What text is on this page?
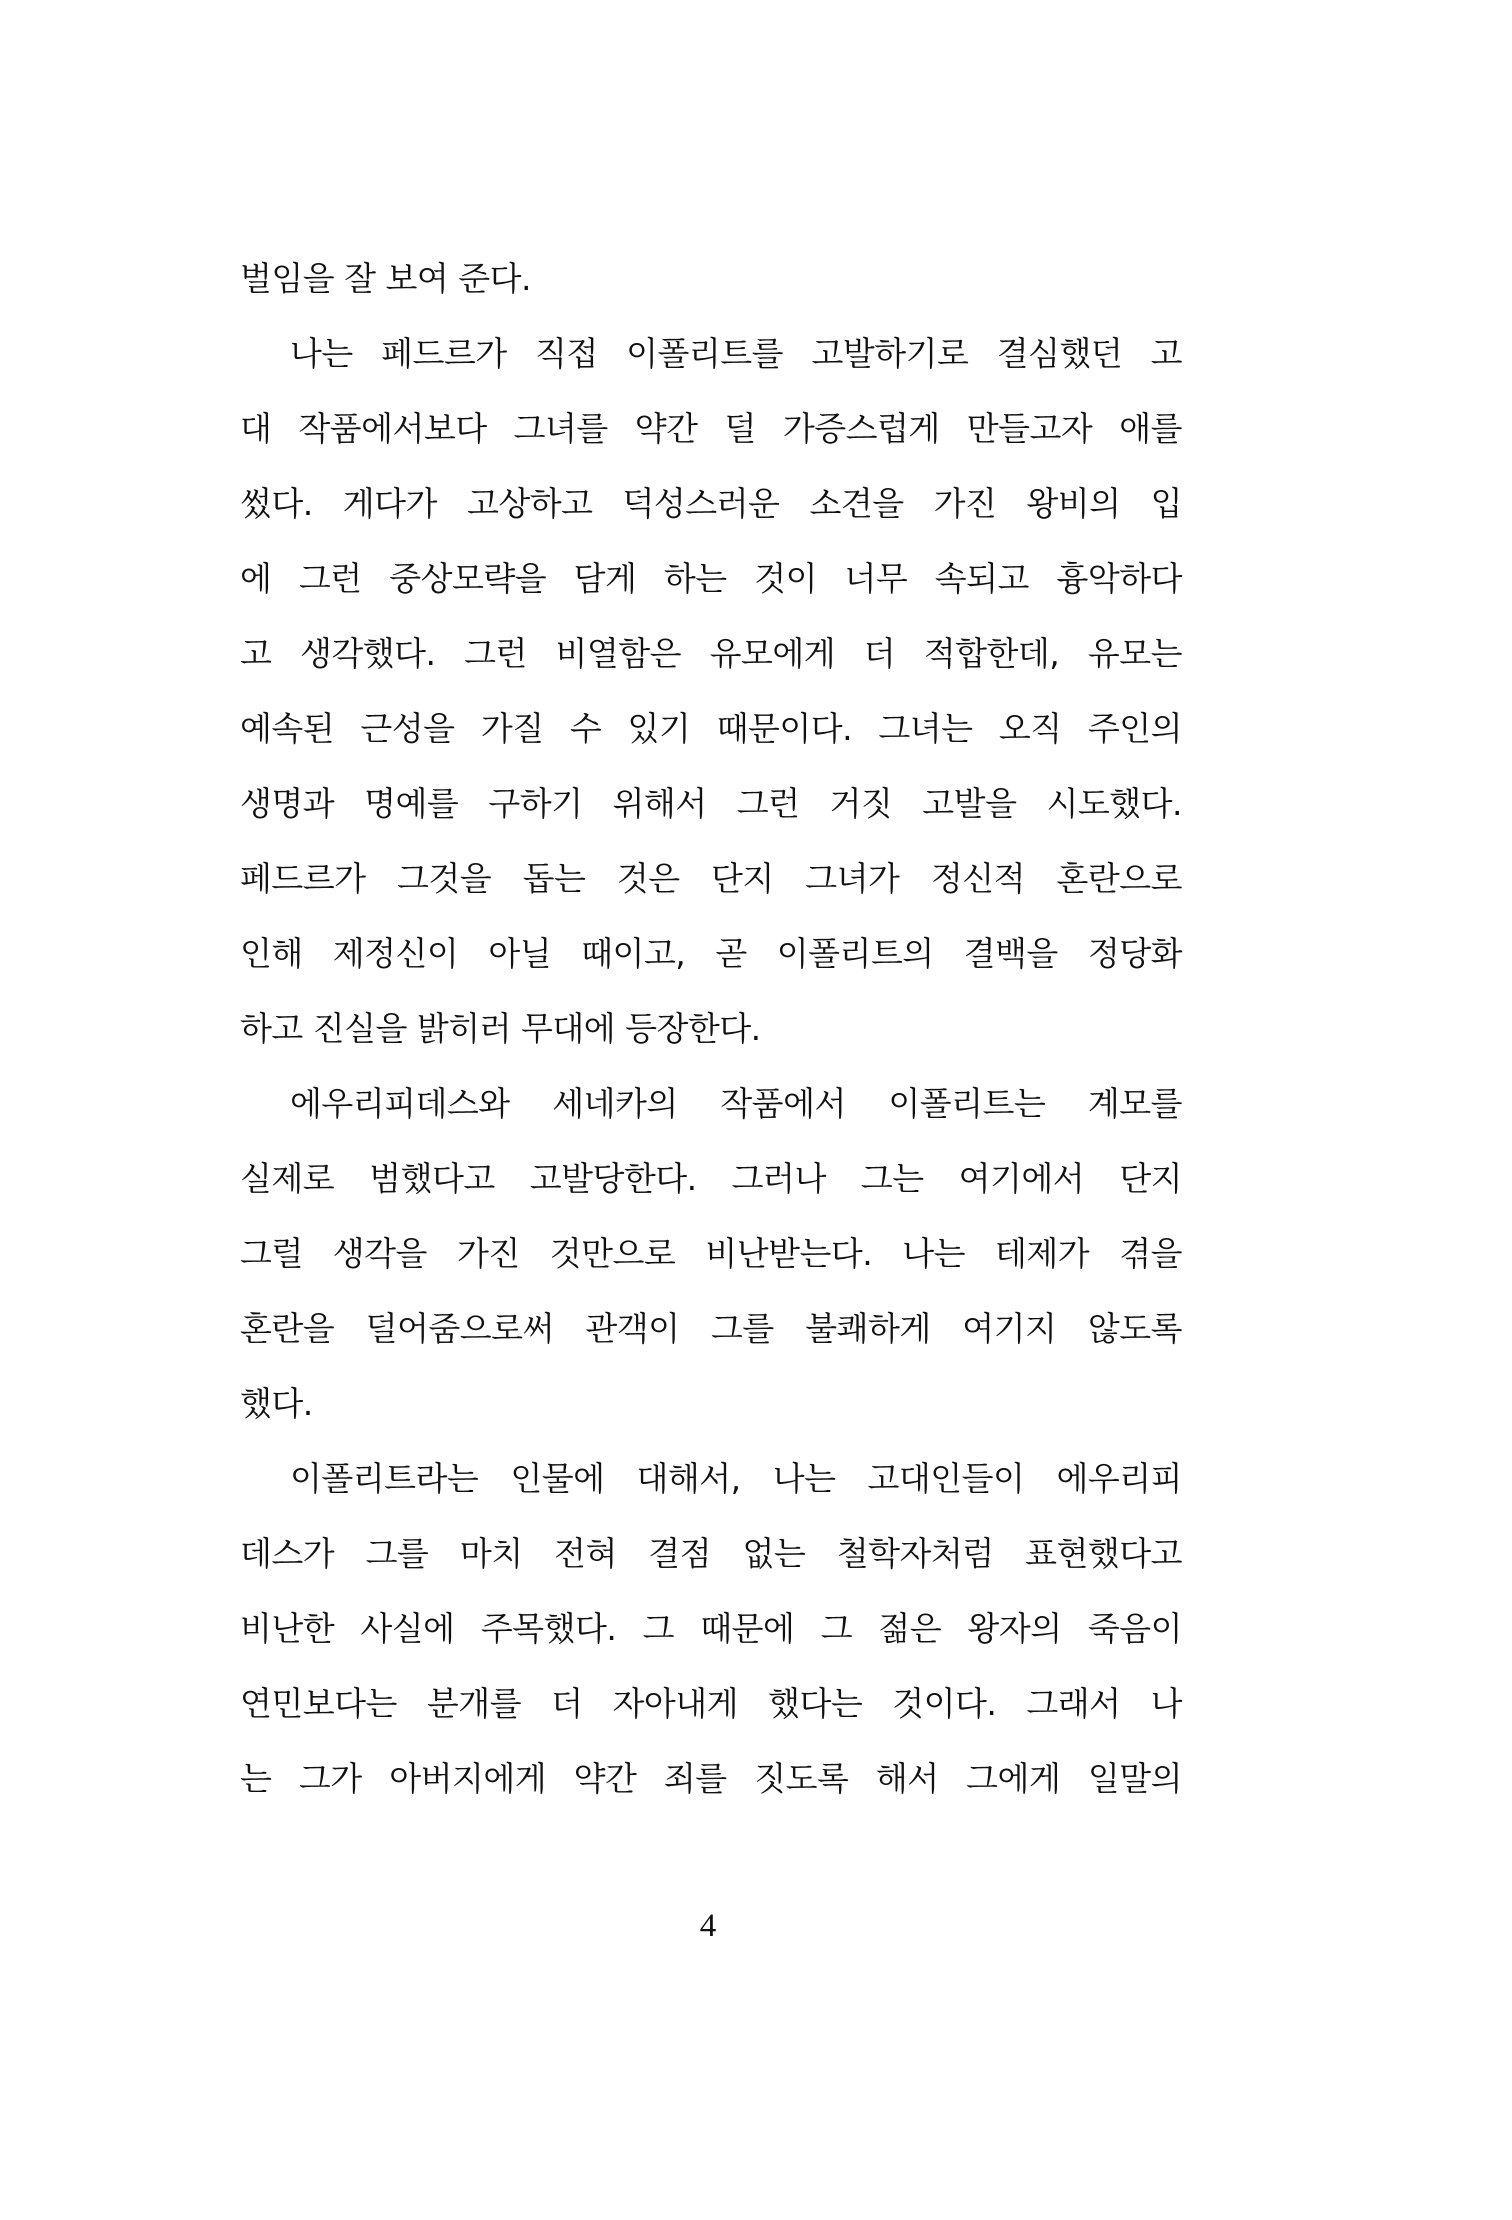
벌임을 잘 보여 준다.
나는 페드르가 직접 이폴리트를 고발하기로 결심했던 고
대 작품에서보다 그녀를 약간 덜 가증스럽게 만들고자 애를
썼다. 게다가 고상하고 덕성스러운 소견을 가진 왕비의 입
에 그런 중상모략을 담게 하는 것이 너무 속되고 흉악하다
고 생각했다. 그런 비열함은 유모에게 더 적합한데, 유모는
예속된 근성을 가질 수 있기 때문이다. 그녀는 오직 주인의
생명과 명예를 구하기 위해서 그런 거짓 고발을 시도했다.
페드르가 그것을 돕는 것은 단지 그녀가 정신적 혼란으로
인해 제정신이 아닐 때이고, 곧 이폴리트의 결백을 정당화
하고 진실을 밝히러 무대에 등장한다.
에우리피데스와 세네카의 작품에서 이폴리트는 계모를
실제로 범했다고 고발당한다. 그러나 그는 여기에서 단지
그럴 생각을 가진 것만으로 비난받는다. 나는 테제가 겪을
혼란을 덜어줌으로써 관객이 그를 불쾌하게 여기지 않도록
했다.
이폴리트라는 인물에 대해서, 나는 고대인들이 에우리피
데스가 그를 마치 전혀 결점 없는 철학자처럼 표현했다고
비난한 사실에 주목했다. 그 때문에 그 젊은 왕자의 죽음이
연민보다는 분개를 더 자아내게 했다는 것이다. 그래서 나
는 그가 아버지에게 약간 죄를 짓도록 해서 그에게 일말의
4
